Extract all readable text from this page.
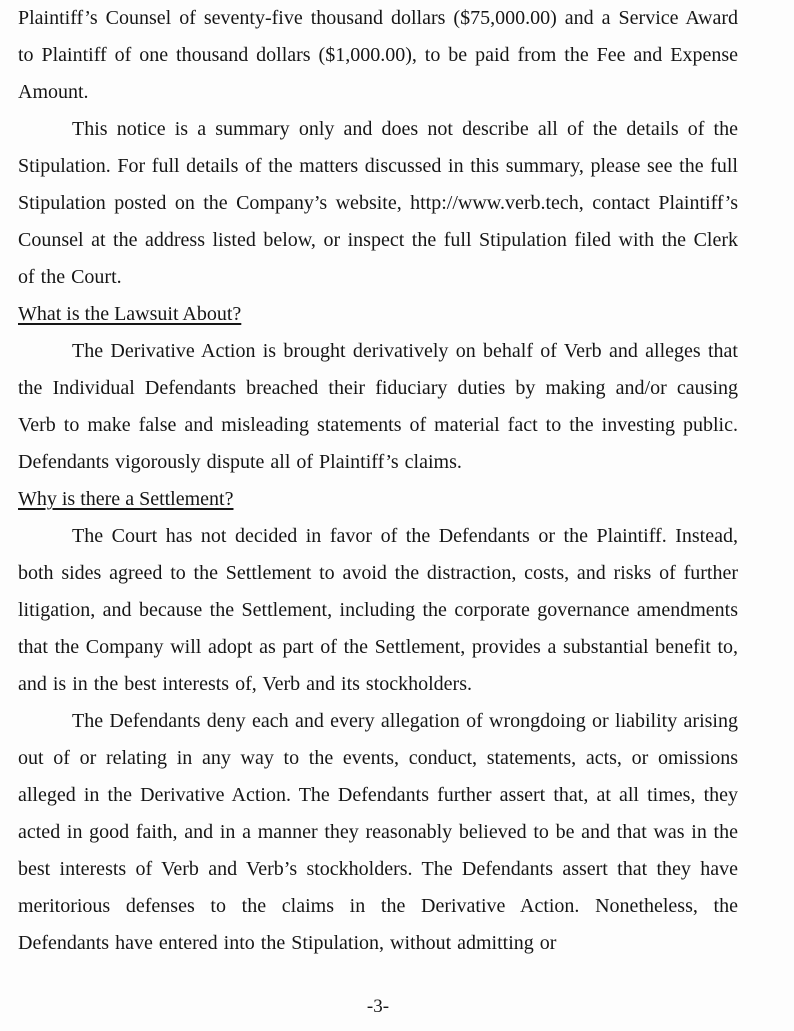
Plaintiff’s Counsel of seventy-five thousand dollars ($75,000.00) and a Service Award to Plaintiff of one thousand dollars ($1,000.00), to be paid from the Fee and Expense Amount.

This notice is a summary only and does not describe all of the details of the Stipulation. For full details of the matters discussed in this summary, please see the full Stipulation posted on the Company’s website, http://www.verb.tech, contact Plaintiff’s Counsel at the address listed below, or inspect the full Stipulation filed with the Clerk of the Court.

What is the Lawsuit About?

The Derivative Action is brought derivatively on behalf of Verb and alleges that the Individual Defendants breached their fiduciary duties by making and/or causing Verb to make false and misleading statements of material fact to the investing public. Defendants vigorously dispute all of Plaintiff’s claims.

Why is there a Settlement?

The Court has not decided in favor of the Defendants or the Plaintiff. Instead, both sides agreed to the Settlement to avoid the distraction, costs, and risks of further litigation, and because the Settlement, including the corporate governance amendments that the Company will adopt as part of the Settlement, provides a substantial benefit to, and is in the best interests of, Verb and its stockholders.

The Defendants deny each and every allegation of wrongdoing or liability arising out of or relating in any way to the events, conduct, statements, acts, or omissions alleged in the Derivative Action. The Defendants further assert that, at all times, they acted in good faith, and in a manner they reasonably believed to be and that was in the best interests of Verb and Verb’s stockholders. The Defendants assert that they have meritorious defenses to the claims in the Derivative Action. Nonetheless, the Defendants have entered into the Stipulation, without admitting or

-3-
